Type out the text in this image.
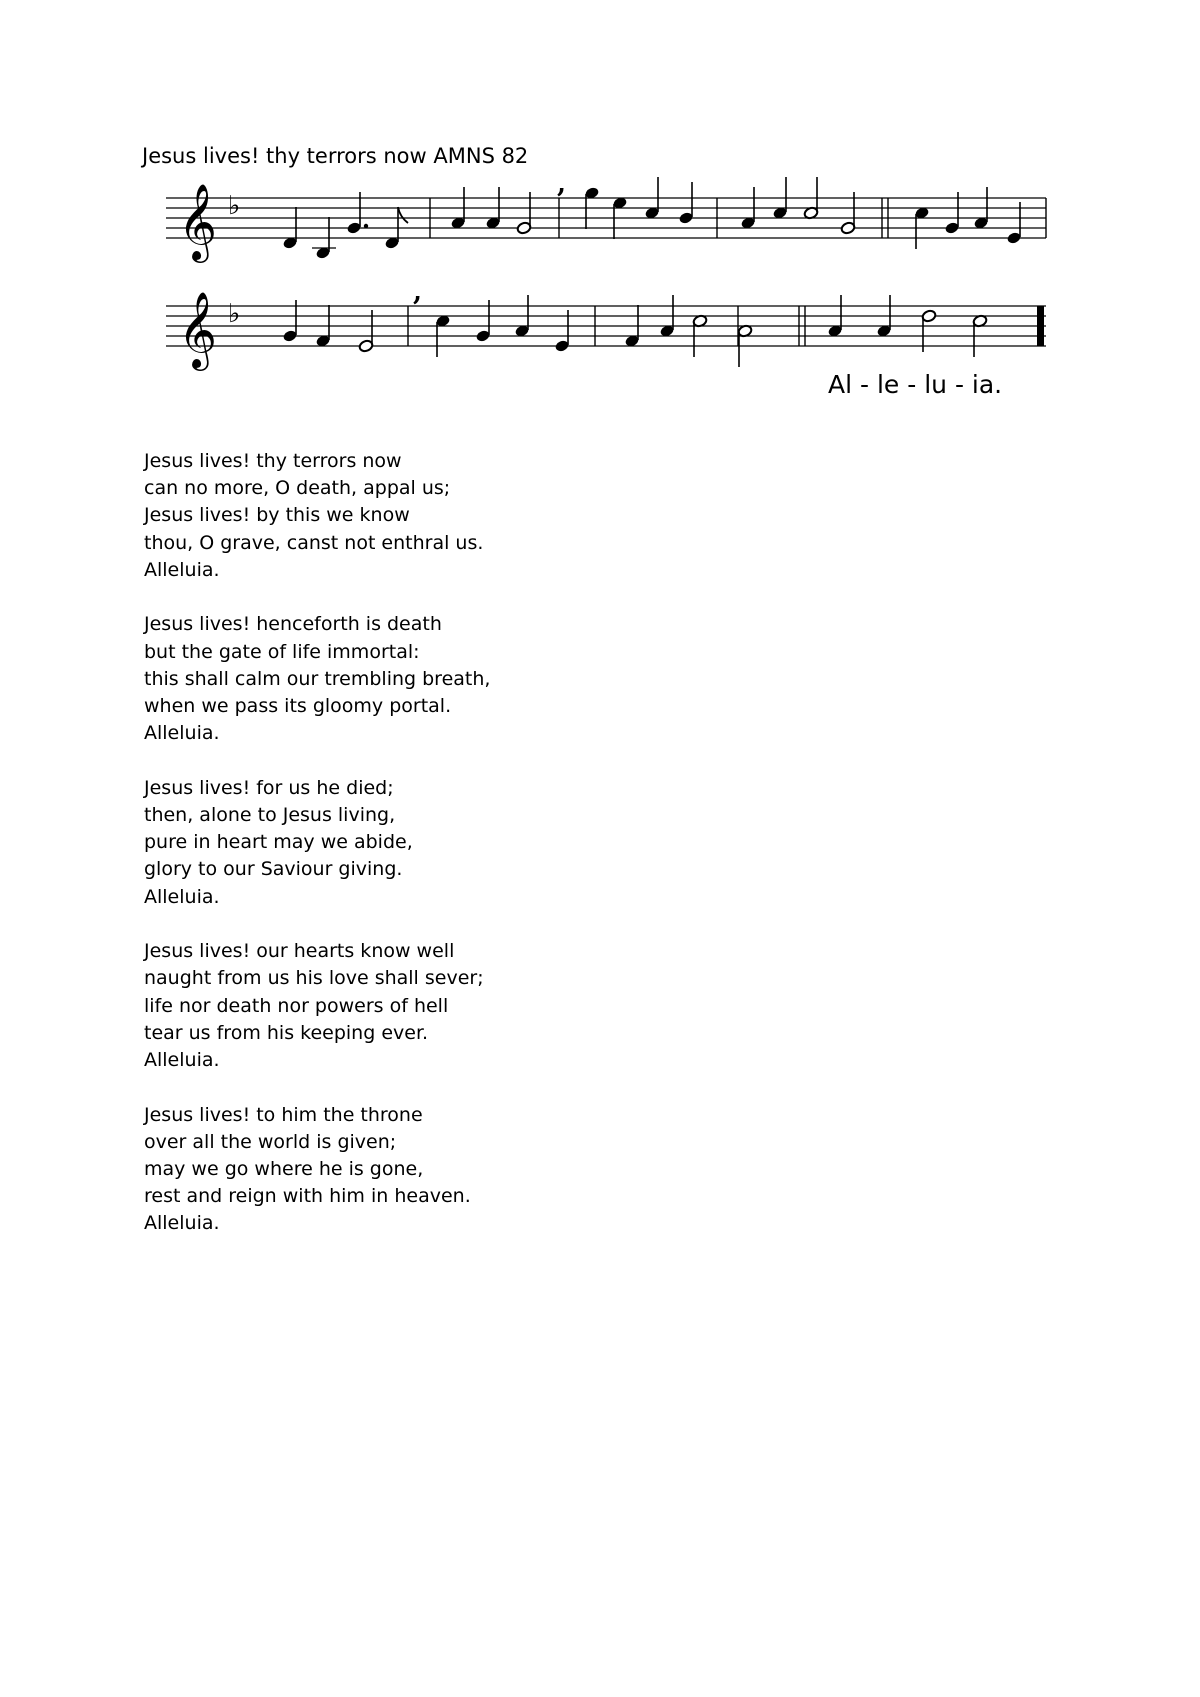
Jesus lives! thy terrors now AMNS 82
𝄞
𝄞
♭
♭
,
,
Al - le - lu - ia.
Jesus lives! thy terrors now
can no more, O death, appal us;
Jesus lives! by this we know
thou, O grave, canst not enthral us.
Alleluia.
Jesus lives! henceforth is death
but the gate of life immortal:
this shall calm our trembling breath,
when we pass its gloomy portal.
Alleluia.
Jesus lives! for us he died;
then, alone to Jesus living,
pure in heart may we abide,
glory to our Saviour giving.
Alleluia.
Jesus lives! our hearts know well
naught from us his love shall sever;
life nor death nor powers of hell
tear us from his keeping ever.
Alleluia.
Jesus lives! to him the throne
over all the world is given;
may we go where he is gone,
rest and reign with him in heaven.
Alleluia.
